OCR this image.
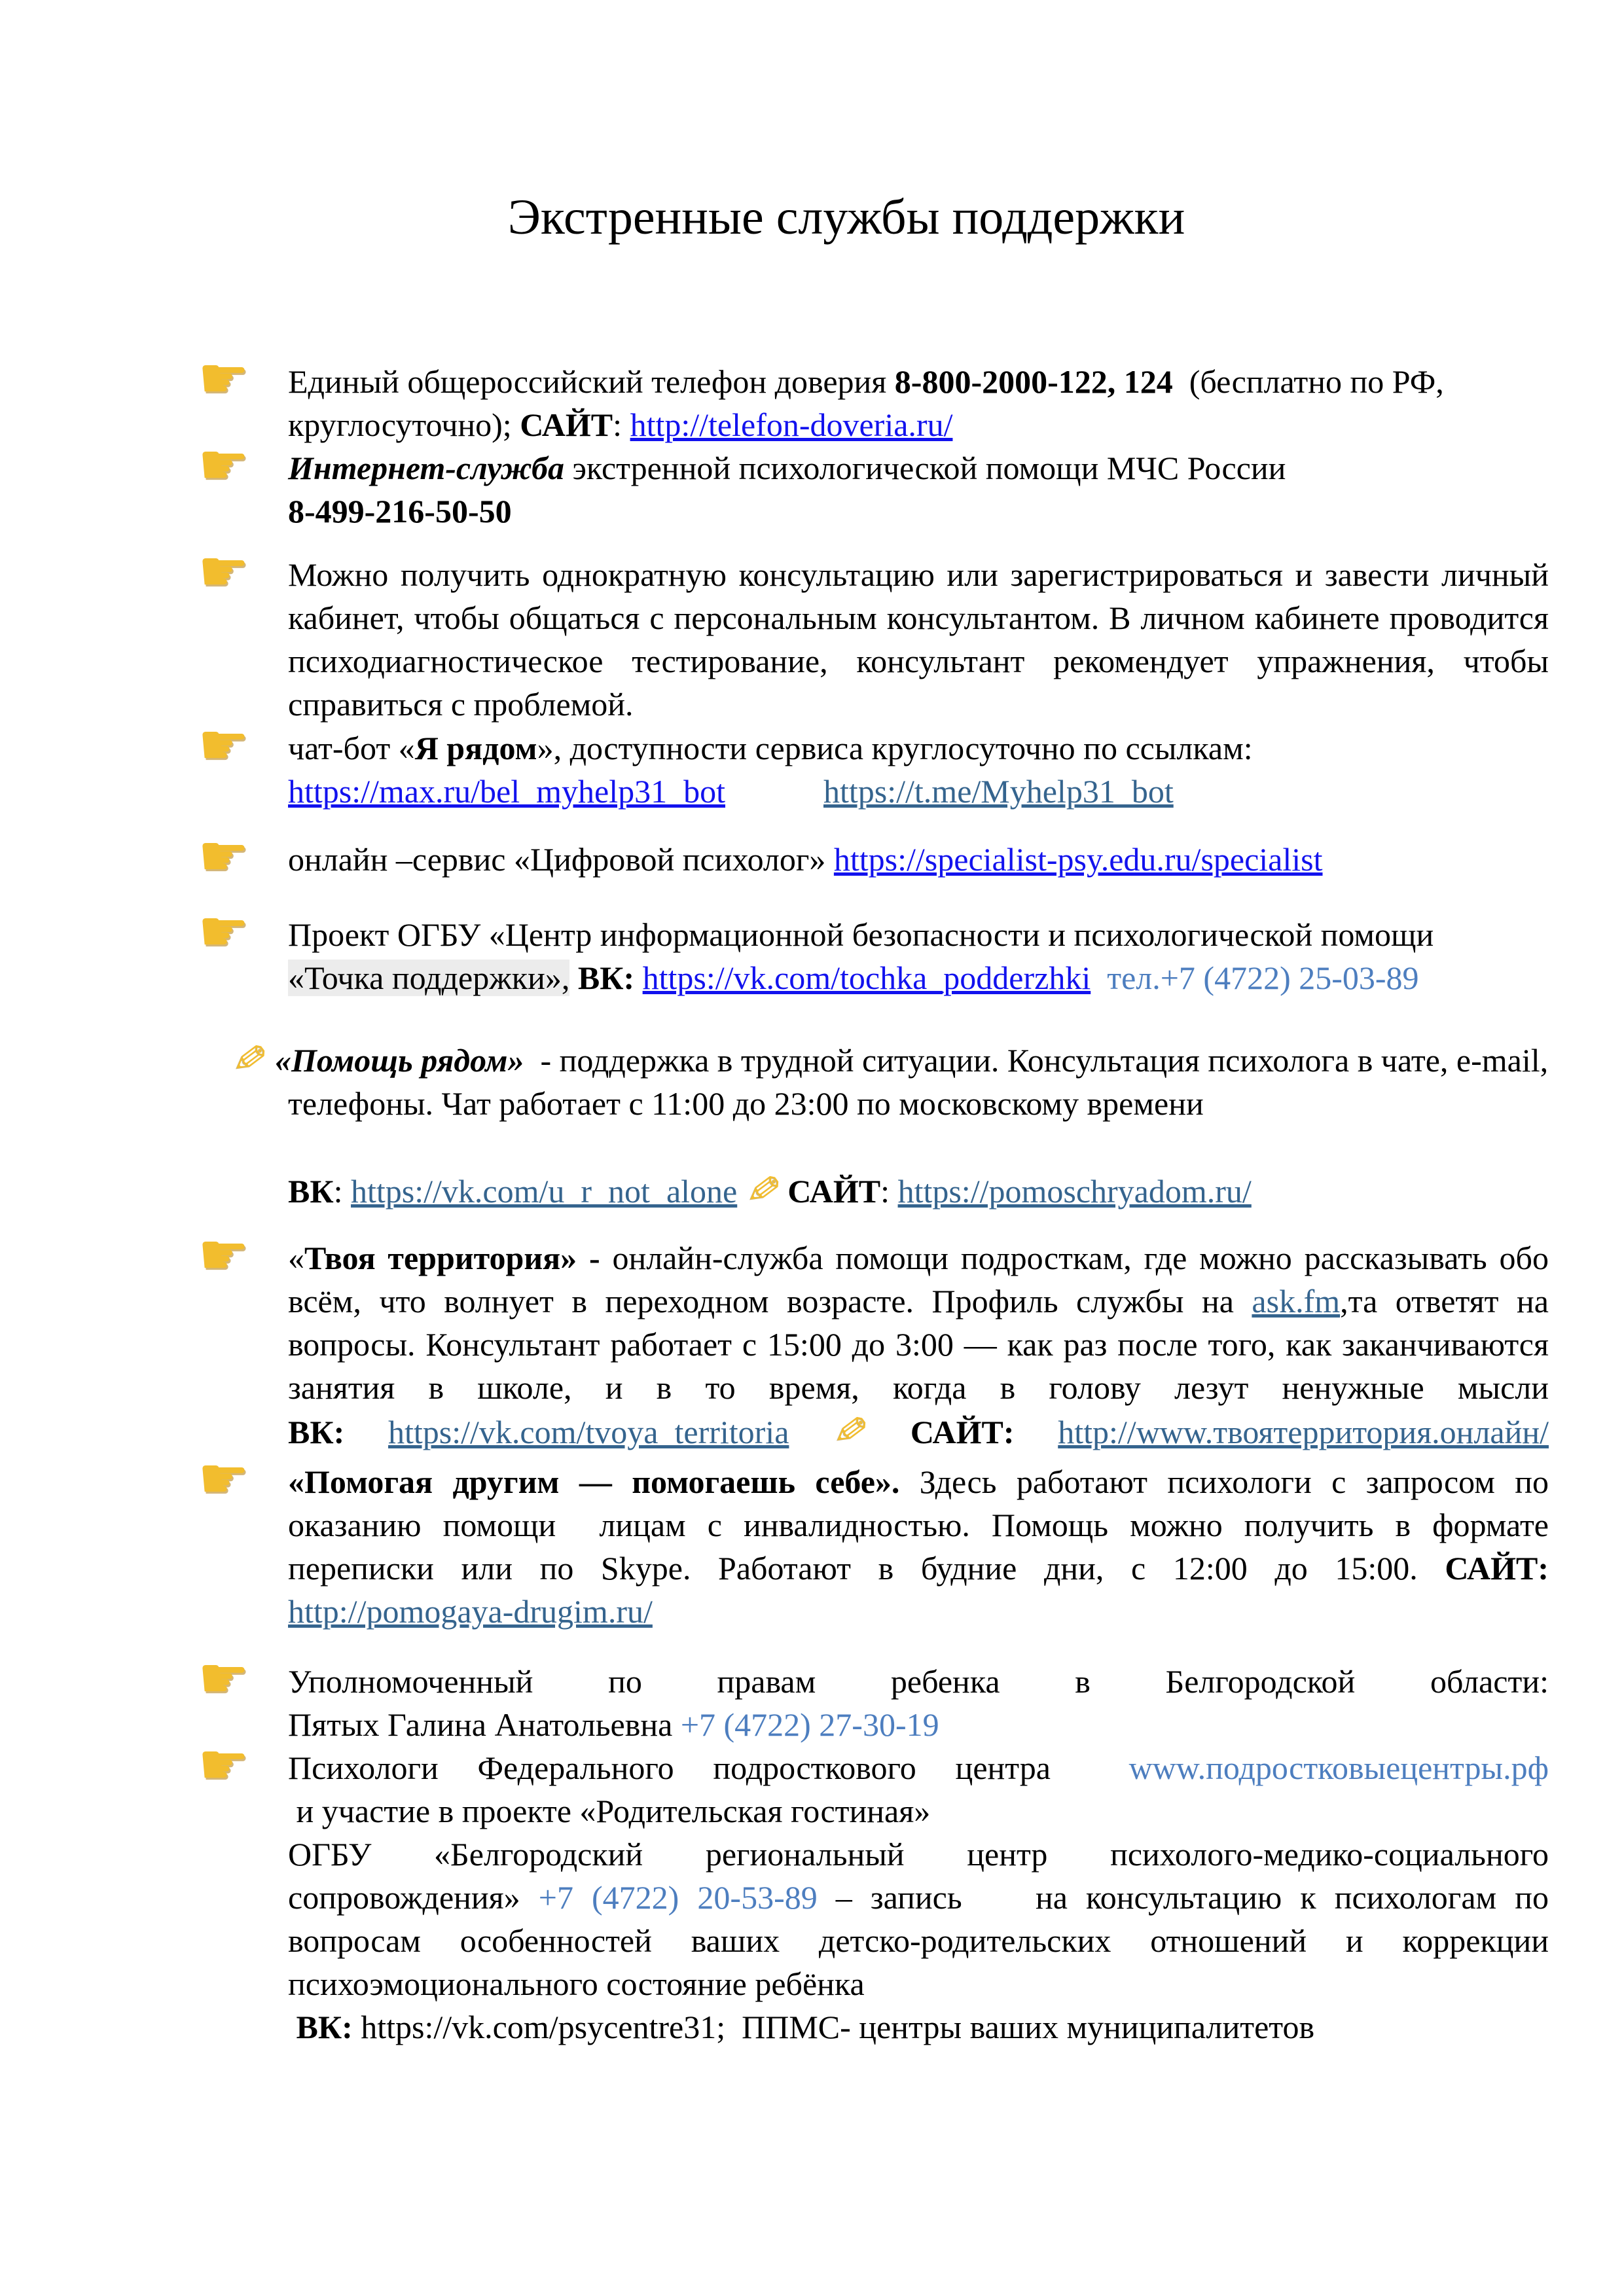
Экстренные службы поддержки
☛ Единый общероссийский телефон доверия 8-800-2000-122, 124  (бесплатно по РФ, круглосуточно); САЙТ: http://telefon-doveria.ru/
☛ Интернет-служба экстренной психологической помощи МЧС России
8-499-216-50-50
☛ Можно получить однократную консультацию или зарегистрироваться и завести личный кабинет, чтобы общаться с персональным консультантом. В личном кабинете проводится психодиагностическое тестирование, консультант рекомендует упражнения, чтобы справиться с проблемой.
☛ чат-бот «Я рядом», доступности сервиса круглосуточно по ссылкам:
https://max.ru/bel_myhelp31_bot	https://t.me/Myhelp31_bot
☛ онлайн –сервис «Цифровой психолог» https://specialist-psy.edu.ru/specialist
☛ Проект ОГБУ «Центр информационной безопасности и психологической помощи
«Точка поддержки», ВК: https://vk.com/tochka_podderzhki тел.+7 (4722) 25-03-89
✎«Помощь рядом»  - поддержка в трудной ситуации. Консультация психолога в чате, e-mail, телефоны. Чат работает с 11:00 до 23:00 по московскому времени

ВК: https://vk.com/u_r_not_alone ✎ САЙТ: https://pomoschryadom.ru/
☛ «Твоя территория» - онлайн-служба помощи подросткам, где можно рассказывать обо всём, что волнует в переходном возрасте. Профиль службы на ask.fm,та ответят на вопросы. Консультант работает с 15:00 до 3:00 — как раз после того, как заканчиваются занятия в школе, и в то время, когда в голову лезут ненужные мысли
ВК: https://vk.com/tvoya_territoria ✎ САЙТ: http://www.твоятерритория.онлайн/
☛ «Помогая другим — помогаешь себе». Здесь работают психологи с запросом по оказанию помощи  лицам с инвалидностью. Помощь можно получить в формате переписки или по Skype. Работают в будние дни, с 12:00 до 15:00. САЙТ: http://pomogaya-drugim.ru/
☛ Уполномоченный по правам ребенка в Белгородской области:
Пятых Галина Анатольевна +7 (4722) 27-30-19
☛ Психологи Федерального подросткового центра  www.подростковыецентры.рф
и участие в проекте «Родительская гостиная»
ОГБУ «Белгородский региональный центр психолого-медико-социального сопровождения» +7 (4722) 20-53-89 – запись    на консультацию к психологам по вопросам особенностей ваших детско-родительских отношений и коррекции психоэмоционального состояние ребёнка
ВК: https://vk.com/psycentre31;  ППМС- центры ваших муниципалитетов
